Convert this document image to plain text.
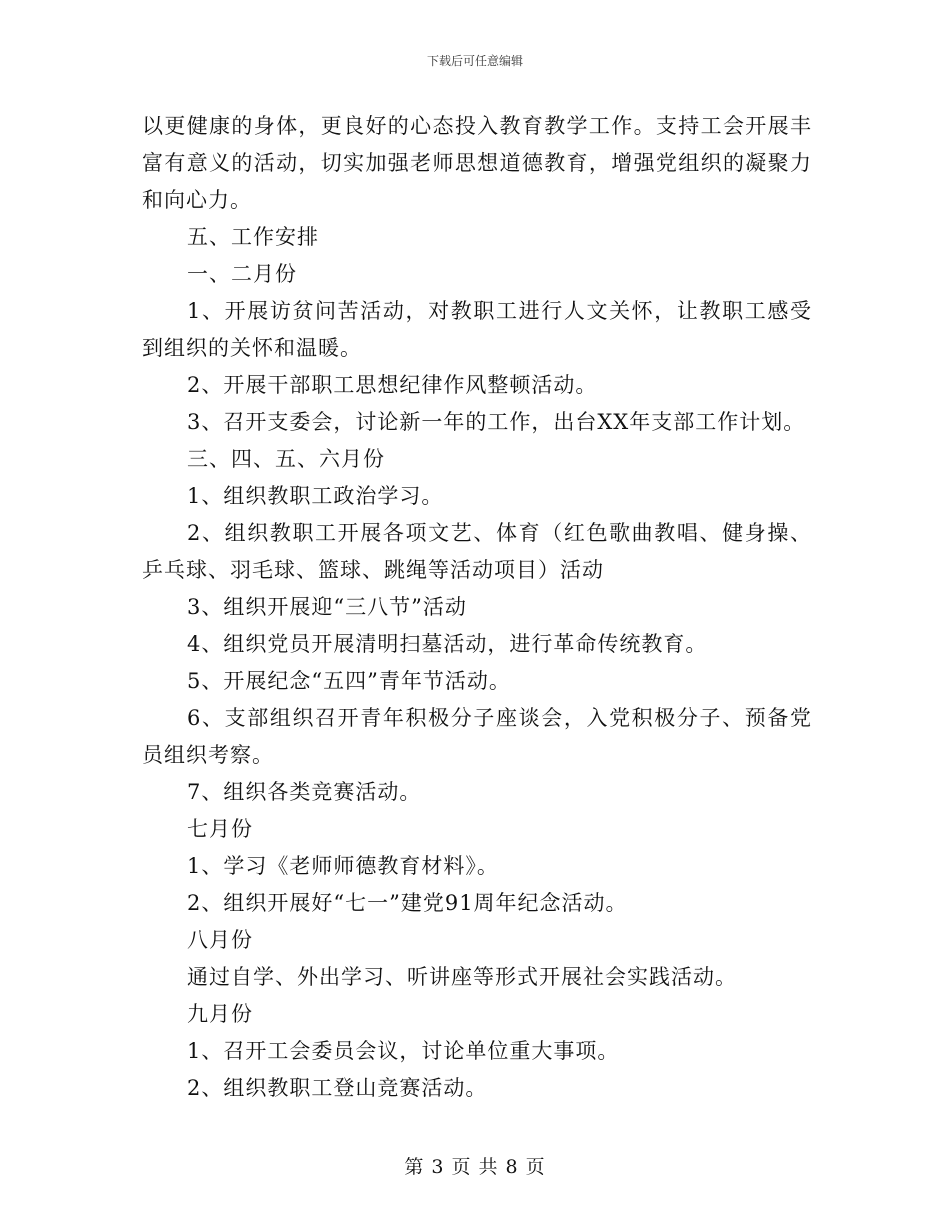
下载后可任意编辑

以更健康的身体，更良好的心态投入教育教学工作。支持工会开展丰富有意义的活动，切实加强老师思想道德教育，增强党组织的凝聚力和向心力。

五、工作安排

一、二月份

1、开展访贫问苦活动，对教职工进行人文关怀，让教职工感受到组织的关怀和温暖。

2、开展干部职工思想纪律作风整顿活动。

3、召开支委会，讨论新一年的工作，出台XX年支部工作计划。

三、四、五、六月份

1、组织教职工政治学习。

2、组织教职工开展各项文艺、体育（红色歌曲教唱、健身操、乒乓球、羽毛球、篮球、跳绳等活动项目）活动

3、组织开展迎“三八节”活动

4、组织党员开展清明扫墓活动，进行革命传统教育。

5、开展纪念“五四”青年节活动。

6、支部组织召开青年积极分子座谈会，入党积极分子、预备党员组织考察。

7、组织各类竞赛活动。

七月份

1、学习《老师师德教育材料》。

2、组织开展好“七一”建党91周年纪念活动。

八月份

通过自学、外出学习、听讲座等形式开展社会实践活动。

九月份

1、召开工会委员会议，讨论单位重大事项。

2、组织教职工登山竞赛活动。

第 3 页 共 8 页
